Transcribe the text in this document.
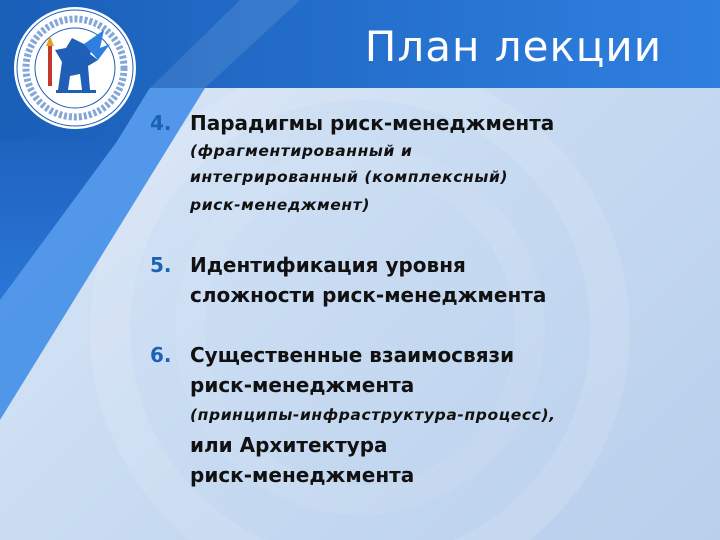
План лекции
4. Парадигмы риск-менеджмента
(фрагментированный и
интегрированный (комплексный)
риск-менеджмент)
5. Идентификация уровня
сложности риск-менеджмента
6. Существенные взаимосвязи
риск-менеджмента
(принципы-инфраструктура-процесс),
или Архитектура
риск-менеджмента
